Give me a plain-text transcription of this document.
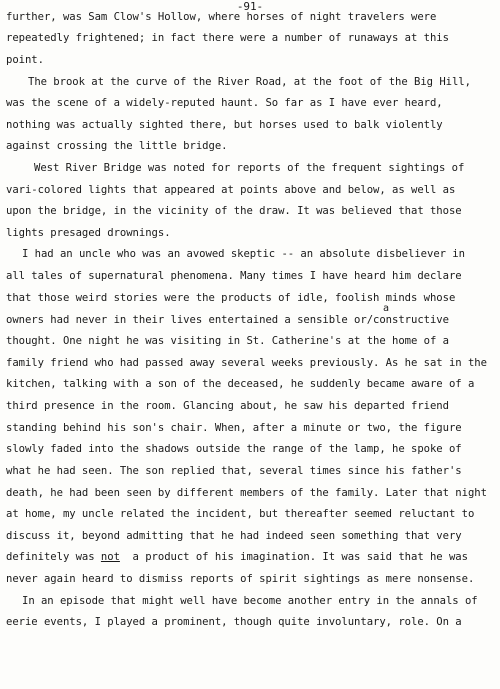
-91-
further, was Sam Clow's Hollow, where horses of night travelers were
repeatedly frightened; in fact there were a number of runaways at this
point.
The brook at the curve of the River Road, at the foot of the Big Hill,
was the scene of a widely-reputed haunt. So far as I have ever heard,
nothing was actually sighted there, but horses used to balk violently
against crossing the little bridge.
West River Bridge was noted for reports of the frequent sightings of
vari-colored lights that appeared at points above and below, as well as
upon the bridge, in the vicinity of the draw. It was believed that those
lights presaged drownings.
I had an uncle who was an avowed skeptic -- an absolute disbeliever in
all tales of supernatural phenomena. Many times I have heard him declare
that those weird stories were the products of idle, foolish minds whose
a
owners had never in their lives entertained a sensible or/constructive
thought. One night he was visiting in St. Catherine's at the home of a
family friend who had passed away several weeks previously. As he sat in the
kitchen, talking with a son of the deceased, he suddenly became aware of a
third presence in the room. Glancing about, he saw his departed friend
standing behind his son's chair. When, after a minute or two, the figure
slowly faded into the shadows outside the range of the lamp, he spoke of
what he had seen. The son replied that, several times since his father's
death, he had been seen by different members of the family. Later that night
at home, my uncle related the incident, but thereafter seemed reluctant to
discuss it, beyond admitting that he had indeed seen something that very
definitely was not  a product of his imagination. It was said that he was
never again heard to dismiss reports of spirit sightings as mere nonsense.
In an episode that might well have become another entry in the annals of
eerie events, I played a prominent, though quite involuntary, role. On a
